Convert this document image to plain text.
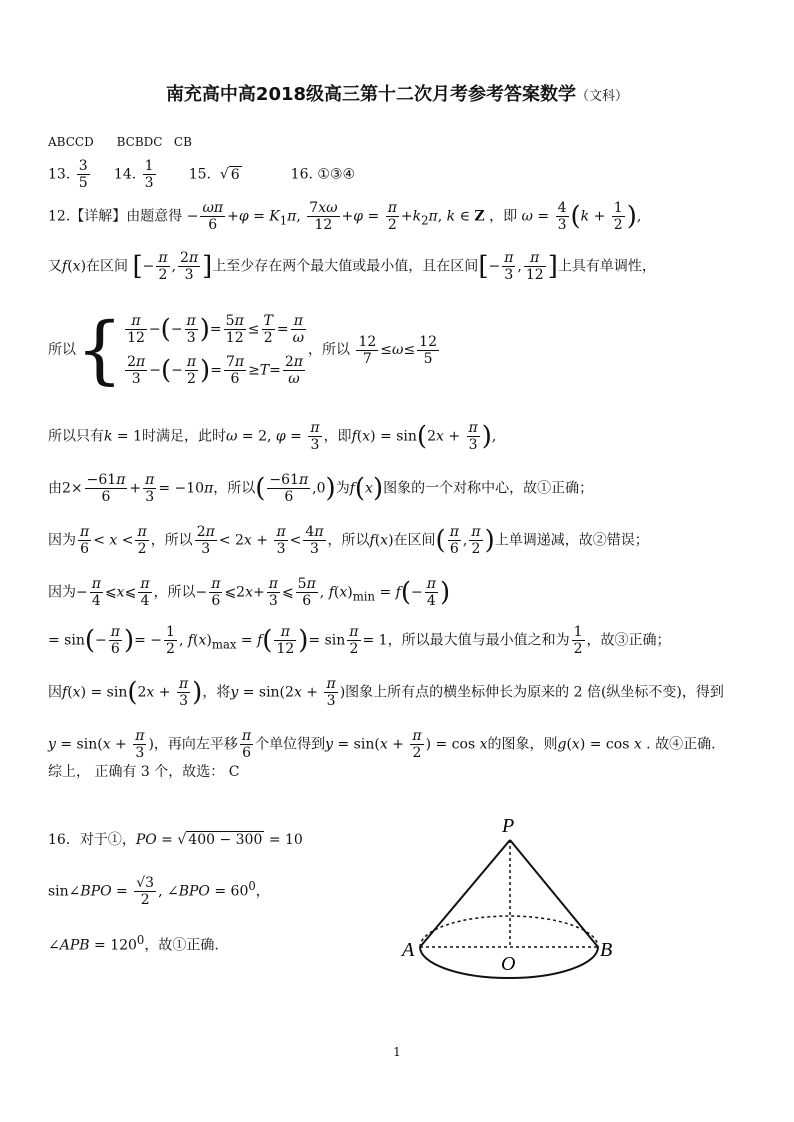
南充高中高2018级高三第十二次月考参考答案数学（文科）
ABCCD BCBDC CB
13. $\frac{3}{5} 14$. $\frac{1}{3} 15$.  √ 6	16. ①③④
12.【详解】由题意得 − $\frac{\omega\pi}{6} +\varphi = K_1\pi$, $\frac{7x\omega}{12} +\varphi = \frac{\pi}{2} +k_2\pi$, k ∈ Z ，即 $\omega = \frac{4}{3} (k + \frac{1}{2}$ ),
又f(x)在区间 [− $\frac{\pi}{2}$ , $\frac{2\pi}{3}$ ]上至少存在两个最大值或最小值，且在区间[− $\frac{\pi}{3}$ , $\frac{\pi}{12}$ ]上具有单调性，
所以{ $\frac{\pi}{12}$ −(− $\frac{\pi}{3}$ )= $\frac{5\pi}{12} \le \frac{T}{2} = \frac{\pi}{\omega}$
$\frac{2\pi}{3}$ −(− $\frac{\pi}{2}$ )= $\frac{7\pi}{6} \ge T= \frac{2\pi}{\omega}$
，所以 $\frac{12}{7} \le\omega\le \frac{12}{5}$
所以只有k = 1时满足，此时ω = 2, $\varphi = \frac{\pi}{3}$ ，即$f(x) = \sin(2x + \frac{\pi}{3}$ ),
由$2\times \frac{-61\pi}{6} + \frac{\pi}{3} = -10\pi$，所以( $\frac{-61\pi}{6} ,0$)为f(x)图象的一个对称中心，故①正确；
因为 $\frac{\pi}{6} < x < \frac{\pi}{2}$ ，所以 $\frac{2\pi}{3} < 2x + \frac{\pi}{3} < \frac{4\pi}{3}$ ，所以f(x)在区间( $\frac{\pi}{6}$ , $\frac{\pi}{2}$ )上单调递减，故②错误；
因为− $\frac{\pi}{4}$ ⩽x⩽ $\frac{\pi}{4}$ ，所以− $\frac{\pi}{6}$ ⩽2x+ $\frac{\pi}{3}$ ⩽ $\frac{5\pi}{6}$ , $f(x)_{min} = f(- \frac{\pi}{4}$ )
= $\sin(- \frac{\pi}{6}$ )= − $\frac{1}{2}$ , $f(x)_{max} = f( \frac{\pi}{12}$ )= $\sin \frac{\pi}{2} = 1$，所以最大值与最小值之和为 $\frac{1}{2}$ ，故③正确；
因$f(x) = \sin(2x + \frac{\pi}{3}$ )，将$y = \sin(2x + \frac{\pi}{3}$ )图象上所有点的横坐标伸长为原来的 2 倍(纵坐标不变)，得到
$y = \sin(x + \frac{\pi}{3}$ )，再向左平移 $\frac{\pi}{6}$ 个单位得到$y = \sin(x + \frac{\pi}{2}$ ) = cos x的图象，则g(x) = cos x . 故④正确.
综上， 正确有 3 个，故选： C
16．对于①，PO = √ 400 − 300 = 10
sin∠BPO = $\frac{√3}{2}$ , ∠BPO = $60^0$，
∠APB = $120^0$，故①正确.
P
A
O
B
1
